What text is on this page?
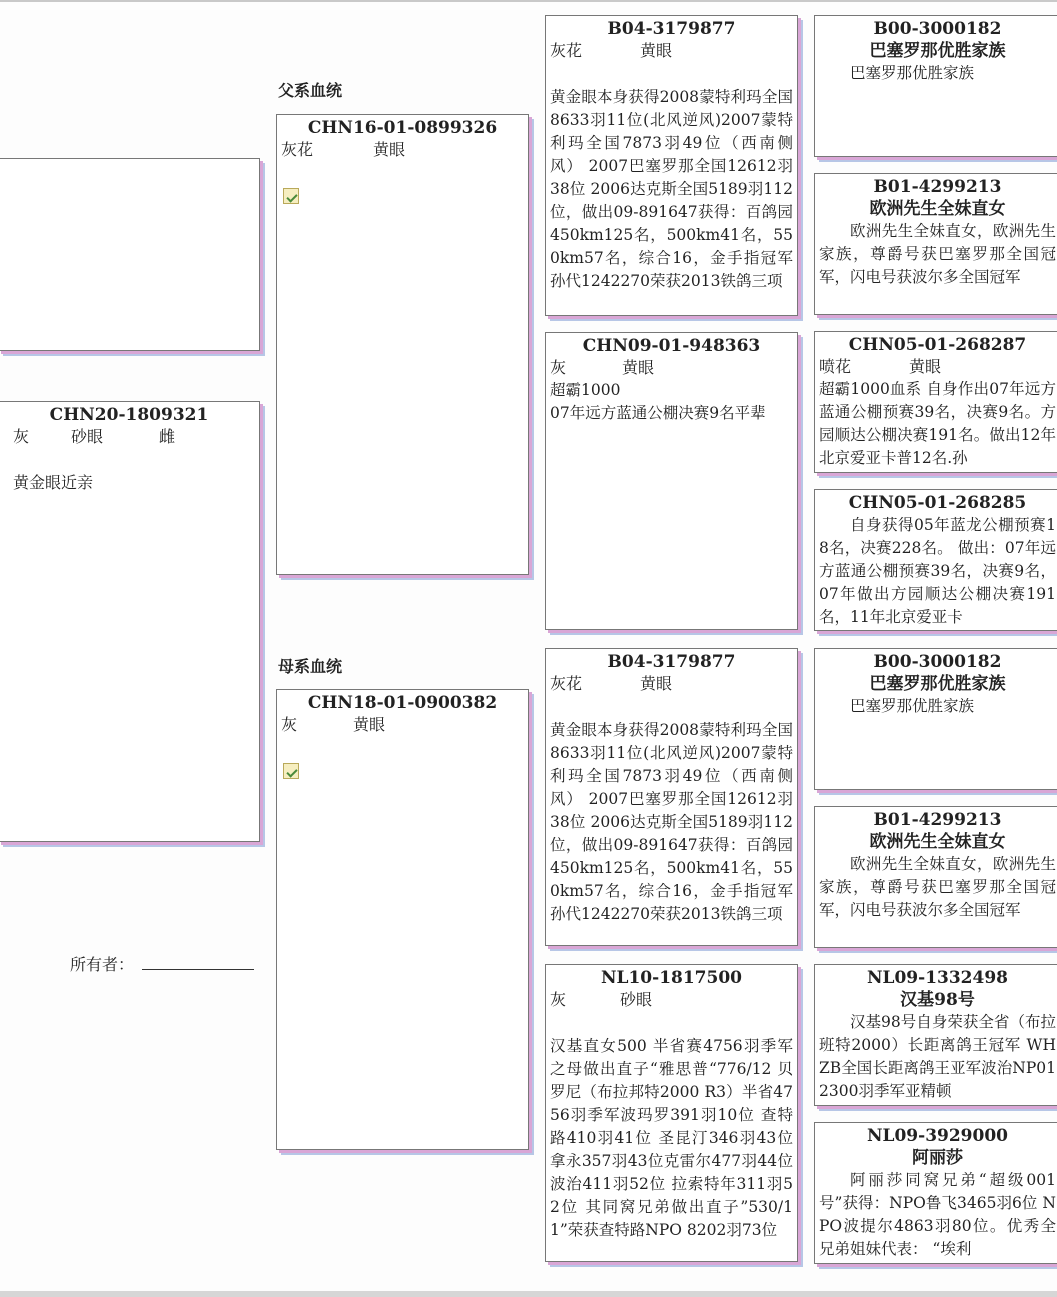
CHN20-1809321
灰	砂眼	雌
黄金眼近亲
父系血统
母系血统
CHN16-01-0899326
灰花	黄眼
CHN18-01-0900382
灰	黄眼
所有者：
B04-3179877
灰花	黄眼
黄金眼本身获得2008蒙特利玛全国8633羽11位(北风逆风)2007蒙特利玛全国7873羽49位（西南侧风） 2007巴塞罗那全国12612羽38位 2006达克斯全国5189羽112位，做出09-891647获得：百鸽园450km125名，500km41名，550km57名，综合16，金手指冠军孙代1242270荣获2013铁鸽三项
CHN09-01-948363
灰	黄眼
超霸1000
07年远方蓝通公棚决赛9名平辈
B04-3179877
灰花	黄眼
黄金眼本身获得2008蒙特利玛全国8633羽11位(北风逆风)2007蒙特利玛全国7873羽49位（西南侧风） 2007巴塞罗那全国12612羽38位 2006达克斯全国5189羽112位，做出09-891647获得：百鸽园450km125名，500km41名，550km57名，综合16，金手指冠军孙代1242270荣获2013铁鸽三项
NL10-1817500
灰	砂眼
汉基直女500 半省赛4756羽季军之母做出直子“雅思普“776/12 贝罗尼（布拉邦特2000 R3）半省4756羽季军波玛罗391羽10位 查特路410羽41位 圣昆汀346羽43位 拿永357羽43位克雷尔477羽44位 波治411羽52位 拉索特年311羽52位 其同窝兄弟做出直子”530/11”荣获查特路NPO 8202羽73位
B00-3000182
巴塞罗那优胜家族
巴塞罗那优胜家族
B01-4299213
欧洲先生全妹直女
欧洲先生全妹直女，欧洲先生家族，尊爵号获巴塞罗那全国冠军，闪电号获波尔多全国冠军
CHN05-01-268287
喷花	黄眼
超霸1000血系 自身作出07年远方蓝通公棚预赛39名，决赛9名。方园顺达公棚决赛191名。做出12年北京爱亚卡普12名.孙
CHN05-01-268285
自身获得05年蓝龙公棚预赛18名，决赛228名。 做出：07年远方蓝通公棚预赛39名，决赛9名，07年做出方园顺达公棚决赛191名，11年北京爱亚卡
B00-3000182
巴塞罗那优胜家族
巴塞罗那优胜家族
B01-4299213
欧洲先生全妹直女
欧洲先生全妹直女，欧洲先生家族，尊爵号获巴塞罗那全国冠军，闪电号获波尔多全国冠军
NL09-1332498
汉基98号
汉基98号自身荣获全省（布拉班特2000）长距离鸽王冠军 WHZB全国长距离鸽王亚军波治NP012300羽季军亚精顿
NL09-3929000
阿丽莎
阿丽莎同窝兄弟“超级001号”获得：NPO鲁飞3465羽6位 NPO波提尔4863羽80位。优秀全兄弟姐妹代表： “埃利
